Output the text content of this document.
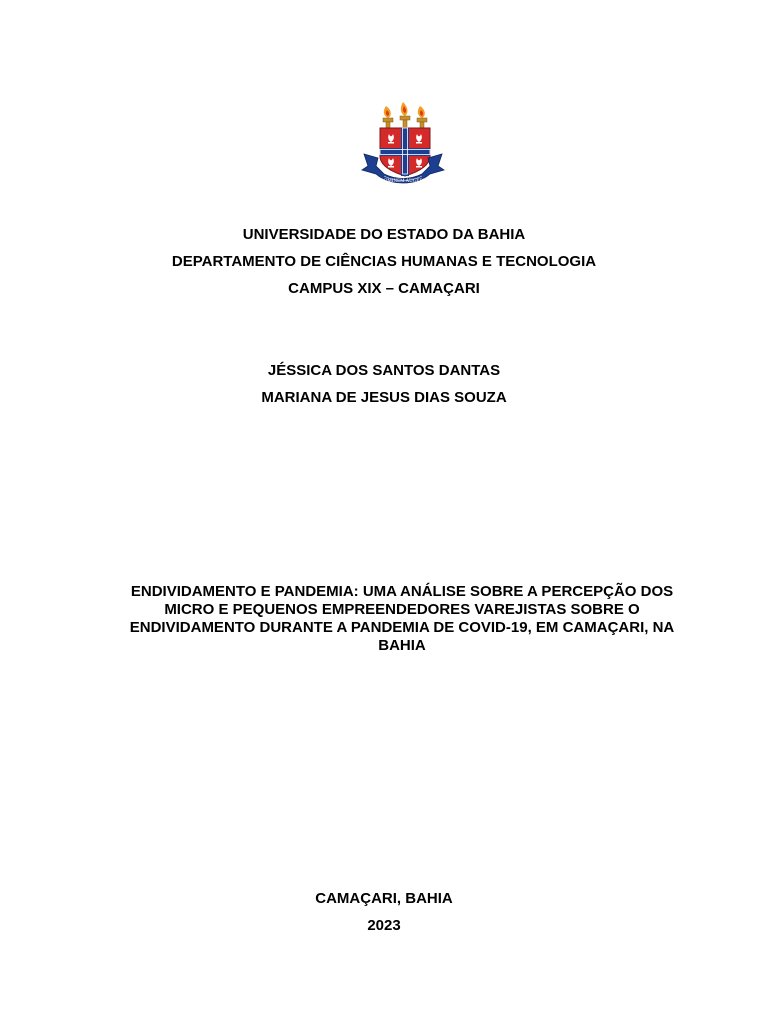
DOMINEM AUGERE
UNIVERSIDADE DO ESTADO DA BAHIA
DEPARTAMENTO DE CIÊNCIAS HUMANAS E TECNOLOGIA
CAMPUS XIX – CAMAÇARI
JÉSSICA DOS SANTOS DANTAS
MARIANA DE JESUS DIAS SOUZA
ENDIVIDAMENTO E PANDEMIA: UMA ANÁLISE SOBRE A PERCEPÇÃO DOS
MICRO E PEQUENOS EMPREENDEDORES VAREJISTAS SOBRE O
ENDIVIDAMENTO DURANTE A PANDEMIA DE COVID-19, EM CAMAÇARI, NA
BAHIA
CAMAÇARI, BAHIA
2023
